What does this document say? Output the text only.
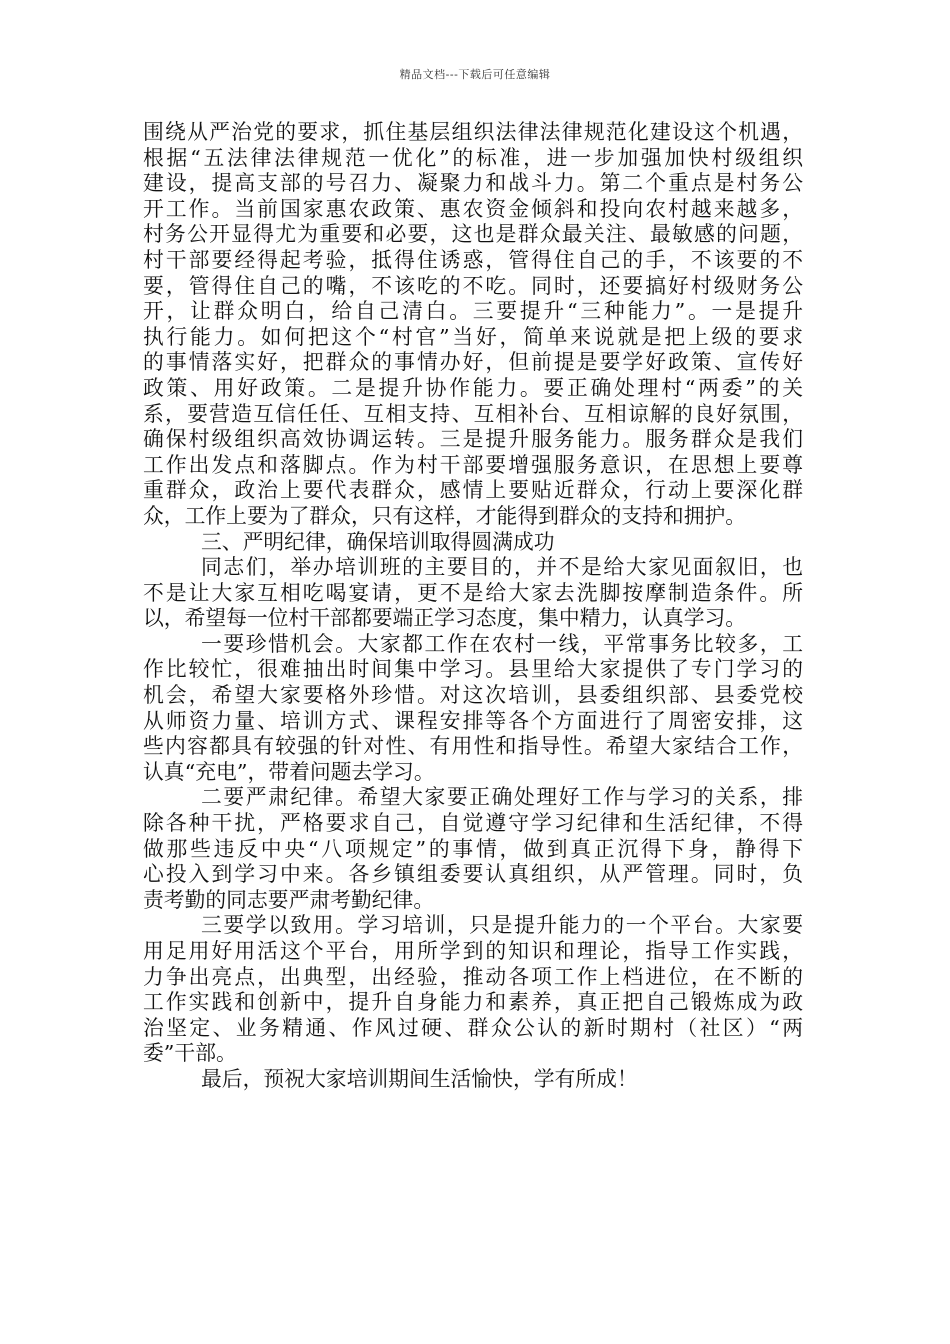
精品文档---下载后可任意编辑
围绕从严治党的要求，抓住基层组织法律法律规范化建设这个机遇，
根据“五法律法律规范一优化”的标准，进一步加强加快村级组织
建设，提高支部的号召力、凝聚力和战斗力。第二个重点是村务公
开工作。当前国家惠农政策、惠农资金倾斜和投向农村越来越多，
村务公开显得尤为重要和必要，这也是群众最关注、最敏感的问题，
村干部要经得起考验，抵得住诱惑，管得住自己的手，不该要的不
要，管得住自己的嘴，不该吃的不吃。同时，还要搞好村级财务公
开，让群众明白，给自己清白。三要提升“三种能力”。一是提升
执行能力。如何把这个“村官”当好，简单来说就是把上级的要求
的事情落实好，把群众的事情办好，但前提是要学好政策、宣传好
政策、用好政策。二是提升协作能力。要正确处理村“两委”的关
系，要营造互信任任、互相支持、互相补台、互相谅解的良好氛围，
确保村级组织高效协调运转。三是提升服务能力。服务群众是我们
工作出发点和落脚点。作为村干部要增强服务意识，在思想上要尊
重群众，政治上要代表群众，感情上要贴近群众，行动上要深化群
众，工作上要为了群众，只有这样，才能得到群众的支持和拥护。
三、严明纪律，确保培训取得圆满成功
同志们，举办培训班的主要目的，并不是给大家见面叙旧，也
不是让大家互相吃喝宴请，更不是给大家去洗脚按摩制造条件。所
以，希望每一位村干部都要端正学习态度，集中精力，认真学习。
一要珍惜机会。大家都工作在农村一线，平常事务比较多，工
作比较忙，很难抽出时间集中学习。县里给大家提供了专门学习的
机会，希望大家要格外珍惜。对这次培训，县委组织部、县委党校
从师资力量、培训方式、课程安排等各个方面进行了周密安排，这
些内容都具有较强的针对性、有用性和指导性。希望大家结合工作，
认真“充电”，带着问题去学习。
二要严肃纪律。希望大家要正确处理好工作与学习的关系，排
除各种干扰，严格要求自己，自觉遵守学习纪律和生活纪律，不得
做那些违反中央“八项规定”的事情，做到真正沉得下身，静得下
心投入到学习中来。各乡镇组委要认真组织，从严管理。同时，负
责考勤的同志要严肃考勤纪律。
三要学以致用。学习培训，只是提升能力的一个平台。大家要
用足用好用活这个平台，用所学到的知识和理论，指导工作实践，
力争出亮点，出典型，出经验，推动各项工作上档进位，在不断的
工作实践和创新中，提升自身能力和素养，真正把自己锻炼成为政
治坚定、业务精通、作风过硬、群众公认的新时期村（社区）“两
委”干部。
最后，预祝大家培训期间生活愉快，学有所成！
